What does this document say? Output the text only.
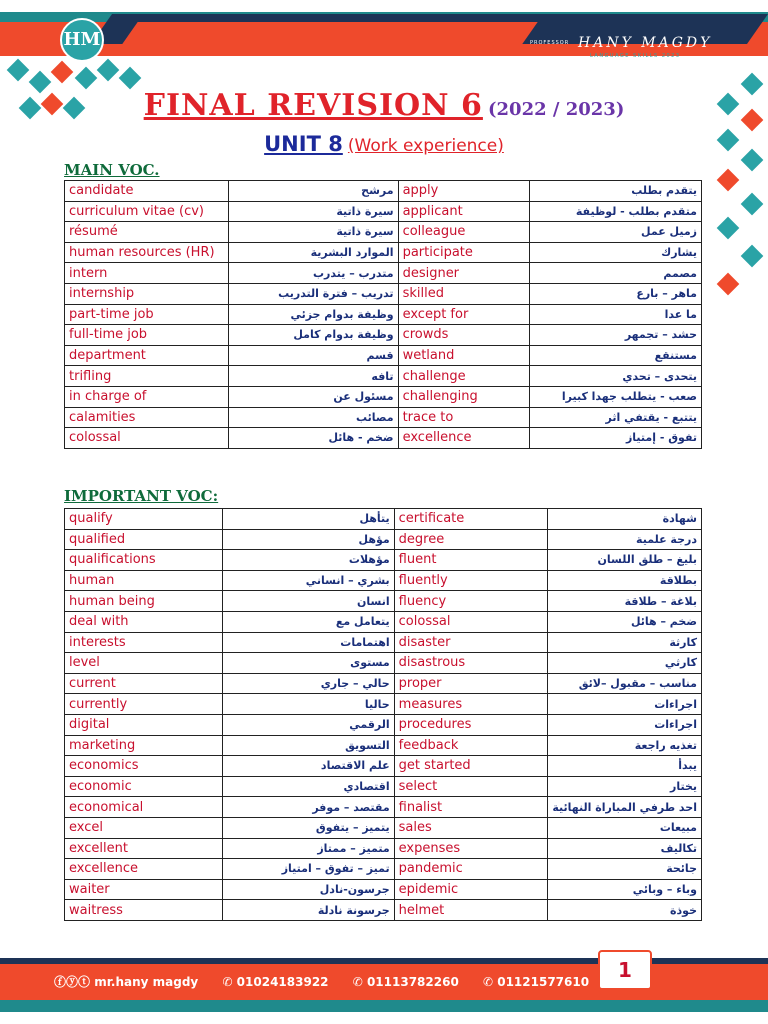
HM	PROFESSOR HANY MAGDY
LANGUAGE SKILLS 2023
FINAL REVISION 6 (2022 / 2023)
UNIT 8 (Work experience)
MAIN VOC.
candidate	مرشح	apply	يتقدم بطلب
curriculum vitae (cv)	سيرة ذاتية	applicant	متقدم بطلب - لوظيفة
résumé	سيرة ذاتية	colleague	زميل عمل
human resources (HR)	الموارد البشرية	participate	يشارك
intern	متدرب – يتدرب	designer	مصمم
internship	تدريب – فترة التدريب	skilled	ماهر – بارع
part-time job	وظيفة بدوام جزئي	except for	ما عدا
full-time job	وظيفة بدوام كامل	crowds	حشد – تجمهر
department	قسم	wetland	مستنقع
trifling	تافه	challenge	يتحدى – تحدي
in charge of	مسئول عن	challenging	صعب - يتطلب جهدا كبيرا
calamities	مصائب	trace to	يتتبع - يقتفي اثر
colossal	ضخم - هائل	excellence	تفوق - إمتياز
IMPORTANT VOC:
qualify	يتأهل	certificate	شهادة
qualified	مؤهل	degree	درجة علمية
qualifications	مؤهلات	fluent	بليغ – طلق اللسان
human	بشري – انساني	fluently	بطلاقة
human being	انسان	fluency	بلاغة – طلاقة
deal with	يتعامل مع	colossal	ضخم – هائل
interests	اهتمامات	disaster	كارثة
level	مستوى	disastrous	كارثي
current	حالي – جاري	proper	مناسب – مقبول –لائق
currently	حاليا	measures	اجراءات
digital	الرقمي	procedures	اجراءات
marketing	التسويق	feedback	تغذيه راجعة
economics	علم الاقتصاد	get started	يبدأ
economic	اقتصادي	select	يختار
economical	مقتصد – موفر	finalist	احد طرفي المباراة النهائية
excel	يتميز – يتفوق	sales	مبيعات
excellent	متميز – ممتاز	expenses	تكاليف
excellence	تميز – تفوق – امتياز	pandemic	جائحة
waiter	جرسون-نادل	epidemic	وباء – وبائي
waitress	جرسونة نادلة	helmet	خوذة
ⓕⓨⓣ mr.hany magdy ✆ 01024183922 ✆ 01113782260 ✆ 01121577610	1
